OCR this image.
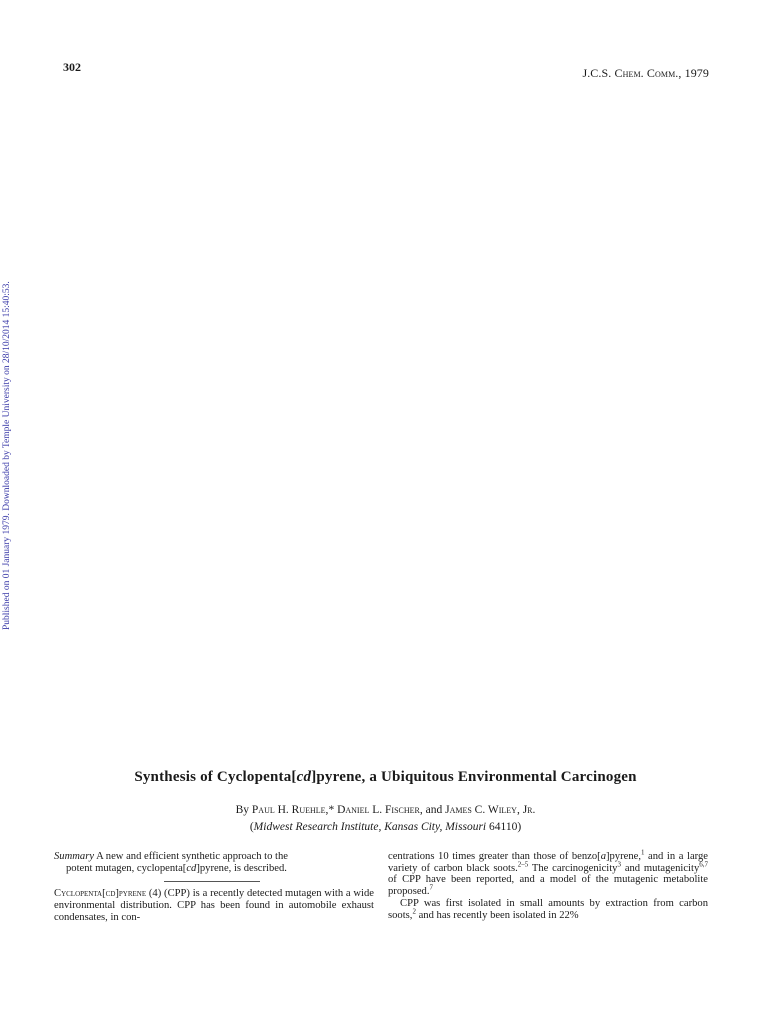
302	J.C.S. Chem. Comm., 1979
Published on 01 January 1979. Downloaded by Temple University on 28/10/2014 15:40:53.
Synthesis of Cyclopenta[cd]pyrene, a Ubiquitous Environmental Carcinogen
By Paul H. Ruehle,* Daniel L. Fischer, and James C. Wiley, Jr.
(Midwest Research Institute, Kansas City, Missouri 64110)

Summary A new and efficient synthetic approach to the
potent mutagen, cyclopenta[cd]pyrene, is described.

Cyclopenta[cd]pyrene (4) (CPP) is a recently detected mutagen with a wide environmental distribution. CPP has been found in automobile exhaust condensates, in con-

centrations 10 times greater than those of benzo[a]pyrene,$^1$ and in a large variety of carbon black soots.$^{2-5}$ The carcinogenicity$^3$ and mutagenicity$^{6,7}$ of CPP have been reported, and a model of the mutagenic metabolite proposed.$^7$

CPP was first isolated in small amounts by extraction from carbon soots,$^2$ and has recently been isolated in 22%
